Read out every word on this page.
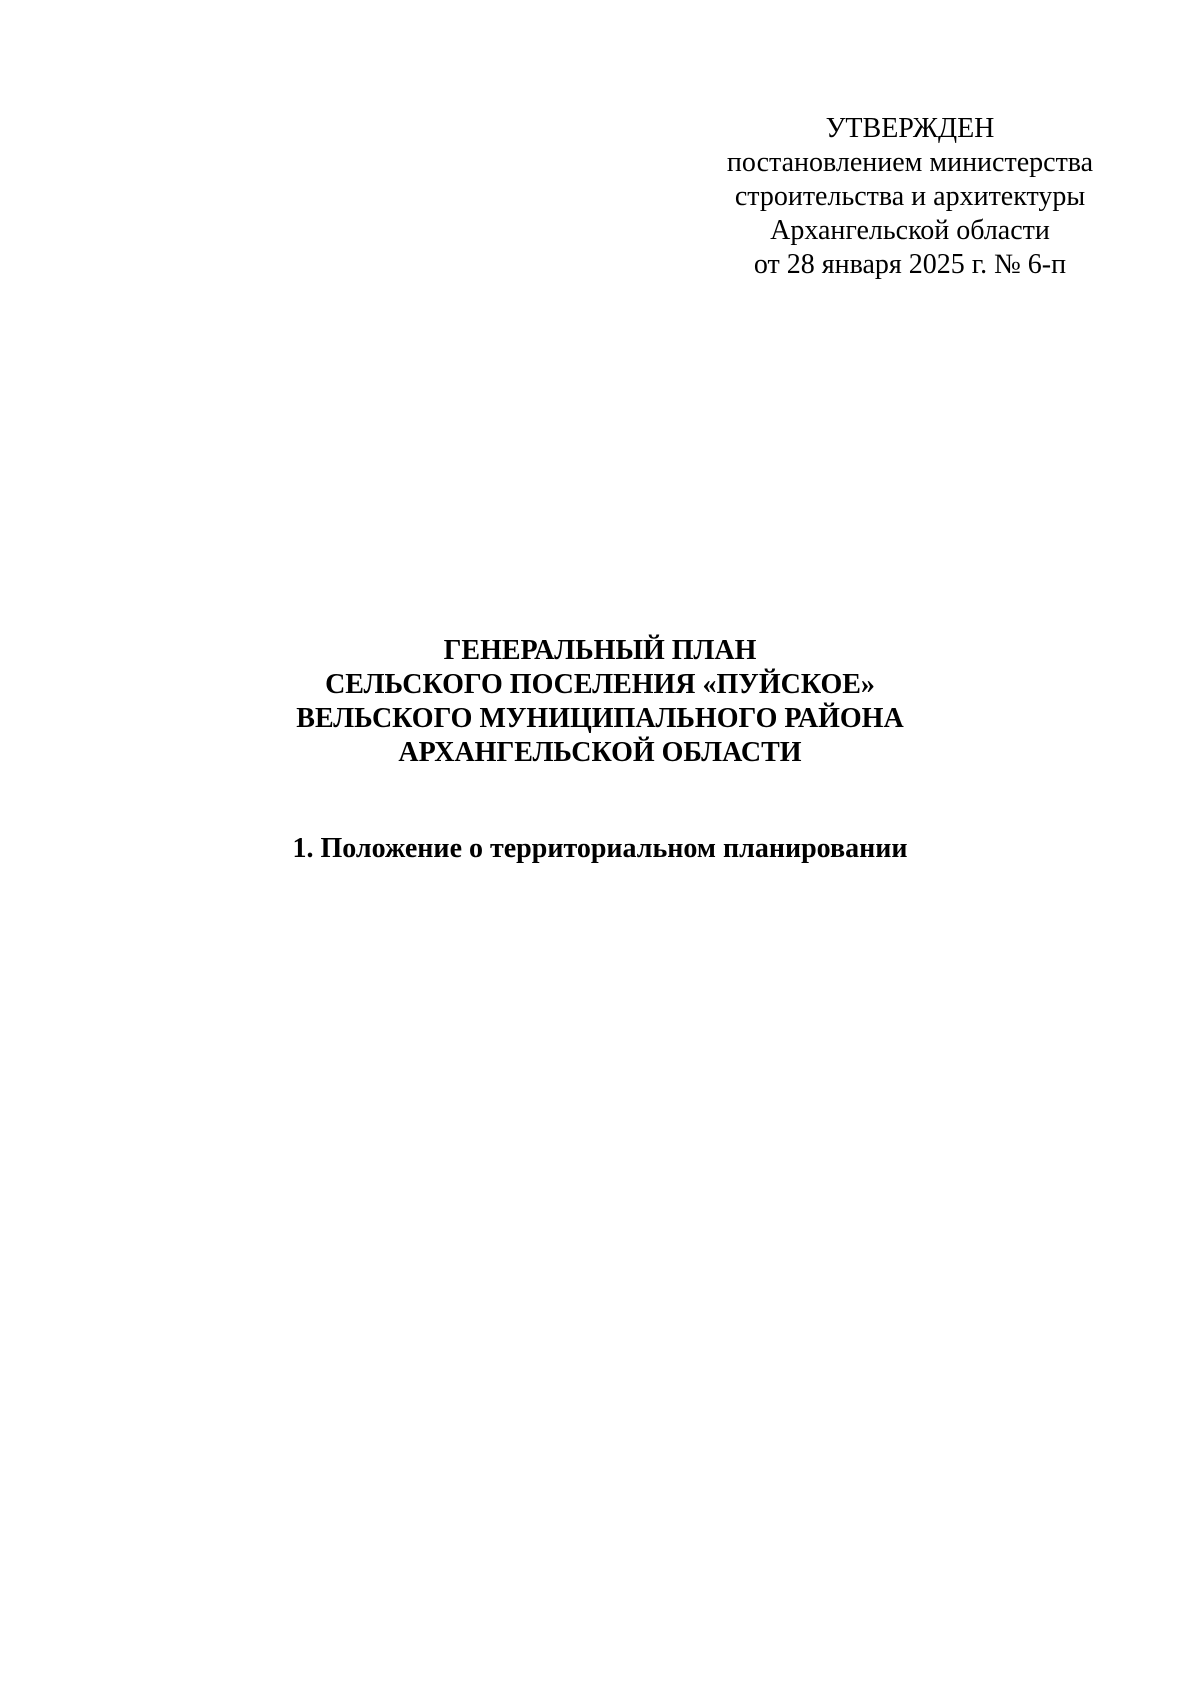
УТВЕРЖДЕН
постановлением министерства
строительства и архитектуры
Архангельской области
от 28 января 2025 г. № 6-п
ГЕНЕРАЛЬНЫЙ ПЛАН
СЕЛЬСКОГО ПОСЕЛЕНИЯ «ПУЙСКОЕ»
ВЕЛЬСКОГО МУНИЦИПАЛЬНОГО РАЙОНА
АРХАНГЕЛЬСКОЙ ОБЛАСТИ
1. Положение о территориальном планировании
